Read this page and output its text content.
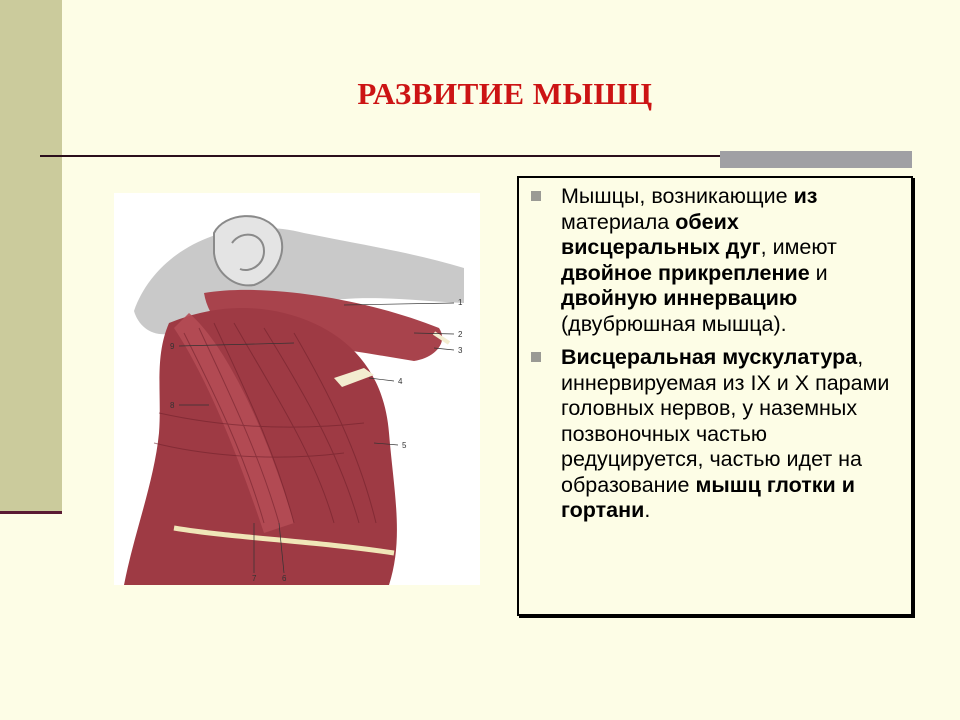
РАЗВИТИЕ МЫШЦ
1
2
3
4
5
6
7
8
9
Мышцы, возникающие из материала обеих висцеральных дуг, имеют двойное прикрепление и двойную иннервацию (двубрюшная мышца).
Висцеральная мускулатура, иннервируемая из IX и X парами головных нервов, у наземных позвоночных частью редуцируется, частью идет на образование мышц глотки и гортани.
